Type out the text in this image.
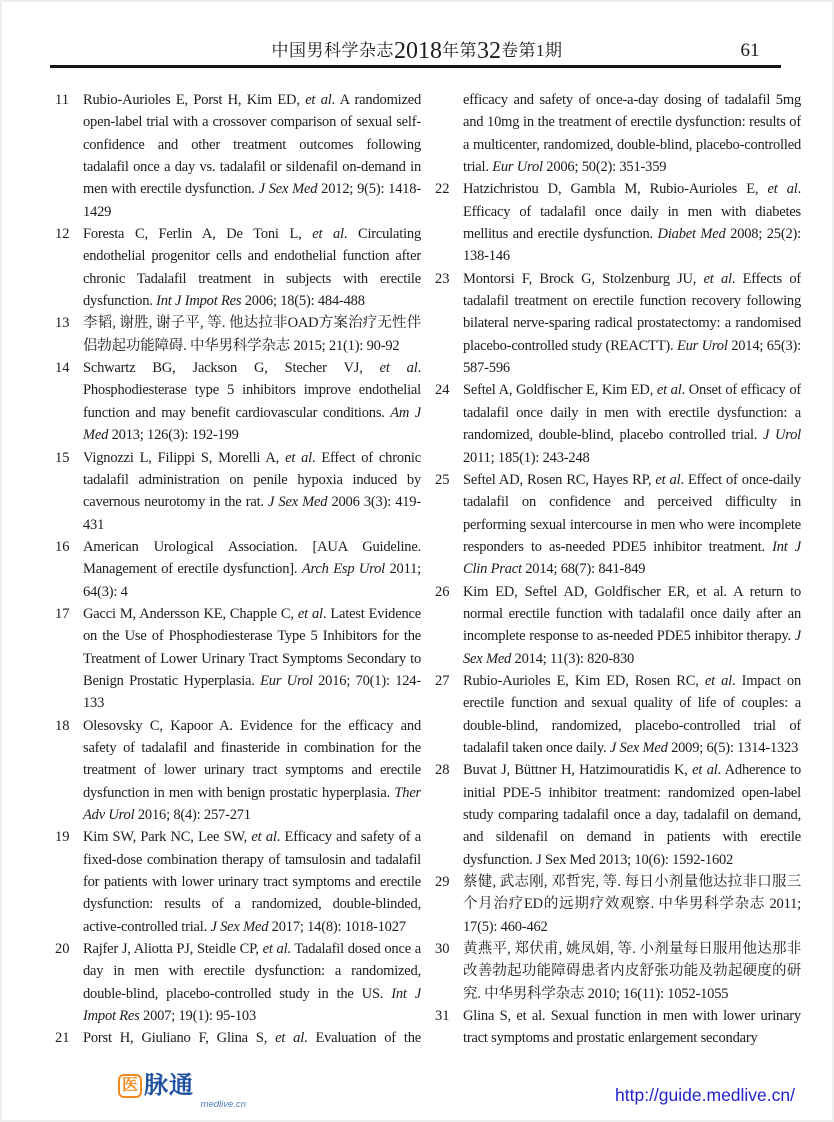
中国男科学杂志2018年第32卷第1期	61
11 Rubio-Aurioles E, Porst H, Kim ED, et al. A randomized open-label trial with a crossover comparison of sexual self-confidence and other treatment outcomes following tadalafil once a day vs. tadalafil or sildenafil on-demand in men with erectile dysfunction. J Sex Med 2012; 9(5): 1418-1429
12 Foresta C, Ferlin A, De Toni L, et al. Circulating endothelial progenitor cells and endothelial function after chronic Tadalafil treatment in subjects with erectile dysfunction. Int J Impot Res 2006; 18(5): 484-488
13 李韬, 谢胜, 谢子平, 等. 他达拉非OAD方案治疗无性伴侣勃起功能障碍. 中华男科学杂志 2015; 21(1): 90-92
14 Schwartz BG, Jackson G, Stecher VJ, et al. Phosphodiesterase type 5 inhibitors improve endothelial function and may benefit cardiovascular conditions. Am J Med 2013; 126(3): 192-199
15 Vignozzi L, Filippi S, Morelli A, et al. Effect of chronic tadalafil administration on penile hypoxia induced by cavernous neurotomy in the rat. J Sex Med 2006 3(3): 419-431
16 American Urological Association. [AUA Guideline. Management of erectile dysfunction]. Arch Esp Urol 2011; 64(3): 4
17 Gacci M, Andersson KE, Chapple C, et al. Latest Evidence on the Use of Phosphodiesterase Type 5 Inhibitors for the Treatment of Lower Urinary Tract Symptoms Secondary to Benign Prostatic Hyperplasia. Eur Urol 2016; 70(1): 124-133
18 Olesovsky C, Kapoor A. Evidence for the efficacy and safety of tadalafil and finasteride in combination for the treatment of lower urinary tract symptoms and erectile dysfunction in men with benign prostatic hyperplasia. Ther Adv Urol 2016; 8(4): 257-271
19 Kim SW, Park NC, Lee SW, et al. Efficacy and safety of a fixed-dose combination therapy of tamsulosin and tadalafil for patients with lower urinary tract symptoms and erectile dysfunction: results of a randomized, double-blinded, active-controlled trial. J Sex Med 2017; 14(8): 1018-1027
20 Rajfer J, Aliotta PJ, Steidle CP, et al. Tadalafil dosed once a day in men with erectile dysfunction: a randomized, double-blind, placebo-controlled study in the US. Int J Impot Res 2007; 19(1): 95-103
21 Porst H, Giuliano F, Glina S, et al. Evaluation of the
efficacy and safety of once-a-day dosing of tadalafil 5mg and 10mg in the treatment of erectile dysfunction: results of a multicenter, randomized, double-blind, placebo-controlled trial. Eur Urol 2006; 50(2): 351-359
22 Hatzichristou D, Gambla M, Rubio-Aurioles E, et al. Efficacy of tadalafil once daily in men with diabetes mellitus and erectile dysfunction. Diabet Med 2008; 25(2): 138-146
23 Montorsi F, Brock G, Stolzenburg JU, et al. Effects of tadalafil treatment on erectile function recovery following bilateral nerve-sparing radical prostatectomy: a randomised placebo-controlled study (REACTT). Eur Urol 2014; 65(3): 587-596
24 Seftel A, Goldfischer E, Kim ED, et al. Onset of efficacy of tadalafil once daily in men with erectile dysfunction: a randomized, double-blind, placebo controlled trial. J Urol 2011; 185(1): 243-248
25 Seftel AD, Rosen RC, Hayes RP, et al. Effect of once-daily tadalafil on confidence and perceived difficulty in performing sexual intercourse in men who were incomplete responders to as-needed PDE5 inhibitor treatment. Int J Clin Pract 2014; 68(7): 841-849
26 Kim ED, Seftel AD, Goldfischer ER, et al. A return to normal erectile function with tadalafil once daily after an incomplete response to as-needed PDE5 inhibitor therapy. J Sex Med 2014; 11(3): 820-830
27 Rubio-Aurioles E, Kim ED, Rosen RC, et al. Impact on erectile function and sexual quality of life of couples: a double-blind, randomized, placebo-controlled trial of tadalafil taken once daily. J Sex Med 2009; 6(5): 1314-1323
28 Buvat J, Büttner H, Hatzimouratidis K, et al. Adherence to initial PDE-5 inhibitor treatment: randomized open-label study comparing tadalafil once a day, tadalafil on demand, and sildenafil on demand in patients with erectile dysfunction. J Sex Med 2013; 10(6): 1592-1602
29 蔡健, 武志刚, 邓哲宪, 等. 每日小剂量他达拉非口服三个月治疗ED的远期疗效观察. 中华男科学杂志 2011; 17(5): 460-462
30 黄燕平, 郑伏甫, 姚凤娟, 等. 小剂量每日服用他达那非改善勃起功能障碍患者内皮舒张功能及勃起硬度的研究. 中华男科学杂志 2010; 16(11): 1052-1055
31 Glina S, et al. Sexual function in men with lower urinary tract symptoms and prostatic enlargement secondary
医 脉通
medlive.cn	http://guide.medlive.cn/
